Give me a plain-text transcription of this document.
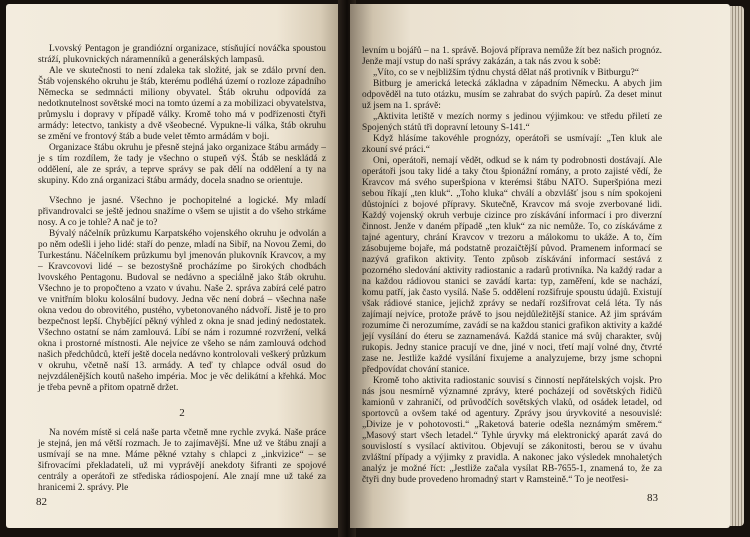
Lvovský Pentagon je grandiózní organizace, stísňující nováčka spoustou stráží, plukovnických náramenníků a generálských lampasů.

Ale ve skutečnosti to není zdaleka tak složité, jak se zdálo první den. Štáb vojenského okruhu je štáb, kterému podléhá území o rozloze západního Německa se sedmnácti miliony obyvatel. Štáb okruhu odpovídá za nedotknutelnost sovětské moci na tomto území a za mobilizaci obyvatelstva, průmyslu i dopravy v případě války. Kromě toho má v podřízenosti čtyři armády: letectvo, tankisty a dvě všeobecné. Vypukne-li válka, štáb okruhu se změní ve frontový štáb a bude velet těmto armádám v boji.

Organizace štábu okruhu je přesně stejná jako organizace štábu armády – je s tím rozdílem, že tady je všechno o stupeň výš. Štáb se neskládá z oddělení, ale ze správ, a teprve správy se pak dělí na oddělení a ty na skupiny. Kdo zná organizaci štábu armády, docela snadno se orientuje.

Všechno je jasné. Všechno je pochopitelné a logické. My mladí přivandrovalci se ještě jednou snažíme o všem se ujistit a do všeho strkáme nosy. A co je tohle? A nač je to?

Bývalý náčelník průzkumu Karpatského vojenského okruhu je odvolán a po něm odešli i jeho lidé: staří do penze, mladí na Sibiř, na Novou Zemi, do Turkestánu. Náčelníkem průzkumu byl jmenován plukovník Kravcov, a my – Kravcovovi lidé – se bezostyšně procházíme po širokých chodbách lvovského Pentagonu. Budoval se nedávno a speciálně jako štáb okruhu. Všechno je to propočteno a vzato v úvahu. Naše 2. správa zabírá celé patro ve vnitřním bloku kolosální budovy. Jedna věc není dobrá – všechna naše okna vedou do obrovitého, pustého, vybetonovaného nádvoří. Jistě je to pro bezpečnost lepší. Chybějící pěkný výhled z okna je snad jediný nedostatek. Všechno ostatní se nám zamlouvá. Líbí se nám i rozumné rozvržení, velká okna i prostorné místnosti. Ale nejvíce ze všeho se nám zamlouvá odchod našich předchůdců, kteří ještě docela nedávno kontrolovali veškerý průzkum v okruhu, včetně naší 13. armády. A teď ty chlapce odvál osud do nejvzdálenějších koutů našeho impéria. Moc je věc delikátní a křehká. Moc je třeba pevně a přitom opatrně držet.

2

Na novém místě si celá naše parta včetně mne rychle zvyká. Naše práce je stejná, jen má větší rozmach. Je to zajímavější. Mne už ve štábu znají a usmívají se na mne. Máme pěkné vztahy s chlapci z „inkvizice“ – se šifrovacími překladateli, už mi vyprávějí anekdoty šifranti ze spojové centrály a operátoři ze střediska rádiospojení. Ale znají mne už také za hranicemi 2. správy. Ple

82

levním u bojářů – na 1. správě. Bojová příprava nemůže žít bez našich prognóz. Jenže mají vstup do naší správy zakázán, a tak nás zvou k sobě:

„Víto, co se v nejbližším týdnu chystá dělat náš protivník v Bitburgu?“

Bitburg je americká letecká základna v západním Německu. A abych jim odpověděl na tuto otázku, musím se zahrabat do svých papírů. Za deset minut už jsem na 1. správě:

„Aktivita letiště v mezích normy s jedinou výjimkou: ve středu přiletí ze Spojených států tři dopravní letouny S-141.“

Když hlásíme takovéhle prognózy, operátoři se usmívají: „Ten kluk ale zkouní své práci.“

Oni, operátoři, nemají vědět, odkud se k nám ty podrobnosti dostávají. Ale operátoři jsou taky lidé a taky čtou špionážní romány, a proto zajisté vědí, že Kravcov má svého superšpiona v kterémsi štábu NATO. Superšpióna mezi sebou říkají „ten kluk“. „Toho kluka“ chválí a obzvlášť jsou s ním spokojeni důstojníci z bojové přípravy. Skutečně, Kravcov má svoje zverbované lidi. Každý vojenský okruh verbuje cizince pro získávání informací i pro diverzní činnost. Jenže v daném případě „ten kluk“ za nic nemůže. To, co získáváme z tajné agentury, chrání Kravcov v trezoru a málokomu to ukáže. A to, čím zásobujeme bojaře, má podstatně prozaičtější původ. Pramenem informací se nazývá grafikon aktivity. Tento způsob získávání informací sestává z pozorného sledování aktivity radiostanic a radarů protivníka. Na každý radar a na každou rádiovou stanici se zavádí karta: typ, zaměření, kde se nachází, komu patří, jak často vysílá. Naše 5. oddělení rozšifruje spoustu údajů. Existují však rádiové stanice, jejichž zprávy se nedaří rozšifrovat celá léta. Ty nás zajímají nejvíce, protože právě to jsou nejdůležitější stanice. Až jim správám rozumíme či nerozumíme, zavádí se na každou stanici grafikon aktivity a každé její vysílání do éteru se zaznamenává. Každá stanice má svůj charakter, svůj rukopis. Jedny stanice pracují ve dne, jiné v noci, třetí mají volné dny, čtvrté zase ne. Jestliže každé vysílání fixujeme a analyzujeme, brzy jsme schopni předpovídat chování stanice.

Kromě toho aktivita radiostanic souvisí s činností nepřátelských vojsk. Pro nás jsou nesmírně významné zprávy, které pocházejí od sovětských řidičů kamionů v zahraničí, od průvodčích sovětských vlaků, od osádek letadel, od sportovců a ovšem také od agentury. Zprávy jsou úryvkovité a nesouvislé: „Divize je v pohotovosti.“ „Raketová baterie odešla neznámým směrem.“ „Masový start všech letadel.“ Tyhle úryvky má elektronický aparát zavá do souvislostí s vysílací aktivitou. Objevují se zákonitosti, berou se v úvahu zvláštní případy a výjimky z pravidla. A nakonec jako výsledek mnohaletých analýz je možné říct: „Jestliže začala vysílat RB-7655-1, znamená to, že za čtyři dny bude provedeno hromadný start v Ramsteině.“ To je neotřesi-

83
